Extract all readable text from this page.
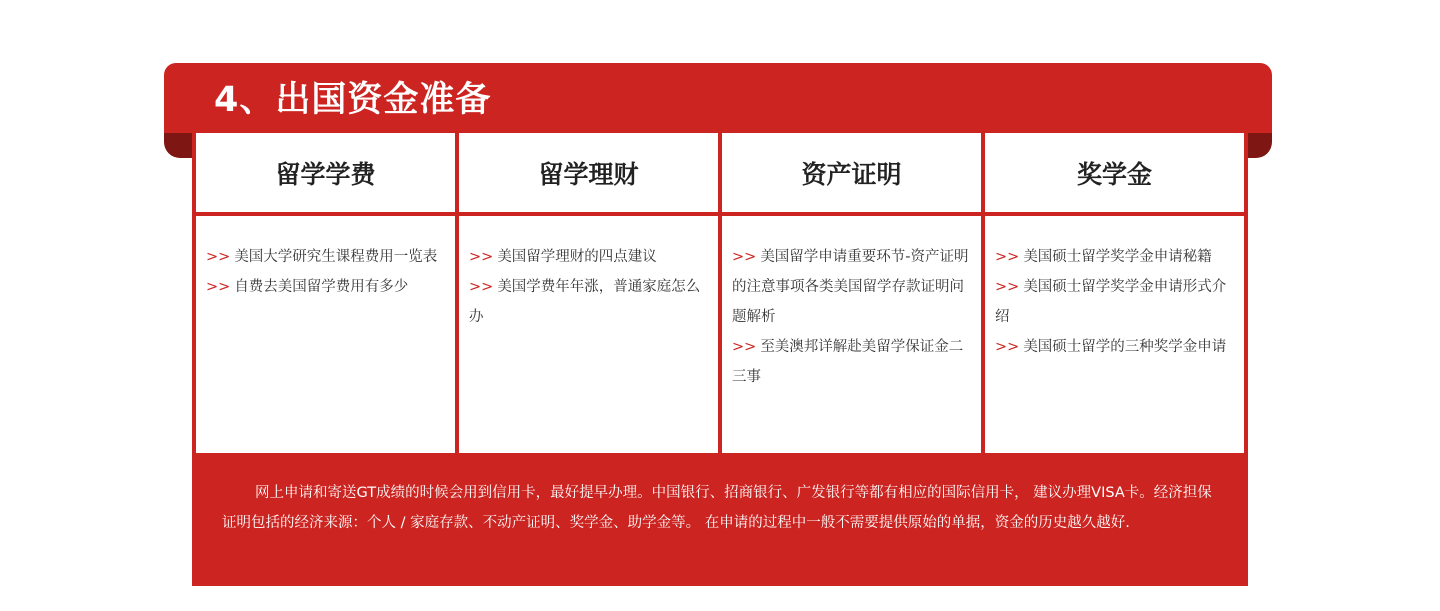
4、出国资金准备
留学学费
>> 美国大学研究生课程费用一览表
>> 自费去美国留学费用有多少
留学理财
>> 美国留学理财的四点建议
>> 美国学费年年涨，普通家庭怎么办
资产证明
>> 美国留学申请重要环节-资产证明的注意事项各类美国留学存款证明问题解析
>> 至美澳邦详解赴美留学保证金二三事
奖学金
>> 美国硕士留学奖学金申请秘籍
>> 美国硕士留学奖学金申请形式介绍
>> 美国硕士留学的三种奖学金申请
网上申请和寄送GT成绩的时候会用到信用卡，最好提早办理。中国银行、招商银行、广发银行等都有相应的国际信用卡， 建议办理VISA卡。经济担保证明包括的经济来源：个人 / 家庭存款、不动产证明、奖学金、助学金等。 在申请的过程中一般不需要提供原始的单据，资金的历史越久越好.
